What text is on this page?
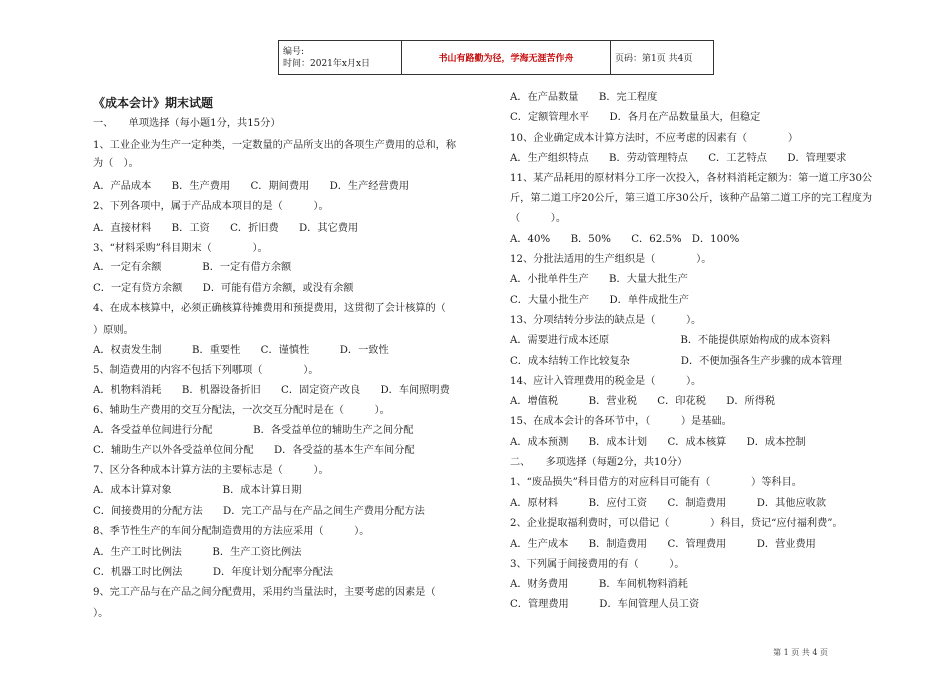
编号:
时间：2021年x月x日	书山有路勤为径，学海无涯苦作舟	页码：第1页 共4页
《成本会计》期末试题
一、　　单项选择（每小题1分，共15分）
1、工业企业为生产一定种类，一定数量的产品所支出的各项生产费用的总和，称
为（　）。
A．产品成本　　B．生产费用　　C．期间费用　　D．生产经营费用
2、下列各项中，属于产品成本项目的是（　　　）。
A．直接材料　　B．工资　　C．折旧费　　D．其它费用
3、“材料采购”科目期末（　　　　）。
A．一定有余额　　　　B．一定有借方余额
C．一定有贷方余额　　D．可能有借方余额，或没有余额
4、在成本核算中，必须正确核算待摊费用和预提费用，这贯彻了会计核算的（
）原则。
A．权责发生制　　　B．重要性　　C．谨慎性　　　D．一致性
5、制造费用的内容不包括下列哪项（　　　　）。
A．机物料消耗　　B．机器设备折旧　　C．固定资产改良　　D．车间照明费
6、辅助生产费用的交互分配法，一次交互分配时是在（　　　）。
A．各受益单位间进行分配　　　　B．各受益单位的辅助生产之间分配
C．辅助生产以外各受益单位间分配　　D．各受益的基本生产车间分配
7、区分各种成本计算方法的主要标志是（　　　）。
A．成本计算对象　　　　　B．成本计算日期
C．间接费用的分配方法　　D．完工产品与在产品之间生产费用分配方法
8、季节性生产的车间分配制造费用的方法应采用（　　　）。
A．生产工时比例法　　　B．生产工资比例法
C．机器工时比例法　　　D．年度计划分配率分配法
9、完工产品与在产品之间分配费用，采用约当量法时，主要考虑的因素是（
）。
A．在产品数量　　B．完工程度
C．定额管理水平　　D．各月在产品数量虽大，但稳定
10、企业确定成本计算方法时，不应考虑的因素有（　　　　）
A．生产组织特点　　B．劳动管理特点　　C．工艺特点　　D．管理要求
11、某产品耗用的原材料分工序一次投入，各材料消耗定额为：第一道工序30公
斤，第二道工序20公斤，第三道工序30公斤，该种产品第二道工序的完工程度为
（　　　）。
A．40%　　B．50%　　C．62.5%　D．100%
12、分批法适用的生产组织是（　　　　）。
A．小批单件生产　　B．大量大批生产
C．大量小批生产　　D．单件成批生产
13、分项结转分步法的缺点是（　　　）。
A．需要进行成本还原　　　　　　　B．不能提供原始构成的成本资料
C．成本结转工作比较复杂　　　　　D．不便加强各生产步骤的成本管理
14、应计入管理费用的税金是（　　　）。
A．增值税　　　B．营业税　　C．印花税　　D．所得税
15、在成本会计的各环节中，（　　　）是基础。
A．成本预测　　B．成本计划　　C．成本核算　　D．成本控制
二、　　多项选择（每题2分，共10分）
1、“废品损失”科目借方的对应科目可能有（　　　　）等科目。
A．原材料　　　B．应付工资　　C．制造费用　　　D．其他应收款
2、企业提取福利费时，可以借记（　　　　）科目，贷记“应付福利费”。
A．生产成本　　B．制造费用　　C．管理费用　　　D．营业费用
3、下列属于间接费用的有（　　　）。
A．财务费用　　　B．车间机物料消耗
C．管理费用　　　D．车间管理人员工资
第 1 页 共 4 页
